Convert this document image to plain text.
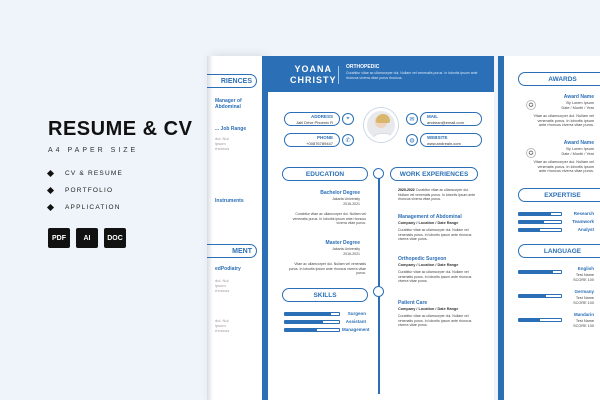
RESUME & CV
A4 PAPER SIZE
CV & RESUME
PORTFOLIO
APPLICATION
PDF	AI	DOC
RIENCES
Manager of Abdominal
... Job Range
dui. Nul
ipsum
rhoncus
Instruments
MENT
edPodiatry
dui. Nul
ipsum
rhoncus
dui. Nul
ipsum
rhoncus
YOANA
CHRISTY
ORTHOPEDIC
Curabitur vitae ac ullamcorper dui. Nullam vel venenatis purus. In lobortis ipsum ante rhoncus viverra vitae purus rhoncus.
ADDRESS
Jalil Drive Phoenix R
⌖
PHONE
+00876789447	✆
✉	MAIL
andrean@email.com
◍	WEBSITE
www.andreain.com
EDUCATION	WORK EXPERIENCES
Bachelor Degree
Jakarta University
2016-2021
Curabitur vitae ac ullamcorper dui. Nullam vel venenatis purus. In lobortis ipsum ante rhoncus viverra vitae purus.
Master Degree
Jakarta University
2016-2021
Vitae ac ullamcorper dui. Nullam vel venenatis purus. In lobortis ipsum ante rhoncus viverra vitae purus.
2020-2022 Curabitur vitae ac ullamcorper dui. Nullam vel venenatis purus. In lobortis ipsum ante rhoncus viverra vitae purus.
Management of Abdominal
Company / Location / Date Range
Curabitur vitae ac ullamcorper dui. Nullam vel venenatis purus. In lobortis ipsum ante rhoncus viverra vitae purus.
Orthopedic Surgeon
Company / Location / Date Range
Curabitur vitae ac ullamcorper dui. Nullam vel venenatis purus. In lobortis ipsum ante rhoncus viverra vitae purus.
Patient Care
Company / Location / Date Range
Curabitur vitae ac ullamcorper dui. Nullam vel venenatis purus. In lobortis ipsum ante rhoncus viverra vitae purus.
SKILLS
Surgeon
Assistant
Management
AWARDS
✪
Award Name
By Lorem Ipsum
Date / Month / Year
Vitae ac ullamcorper dui. Nullam vel venenatis purus. In lobortis ipsum ante rhoncus viverra vitae purus.
✪
Award Name
By Lorem Ipsum
Date / Month / Year
Vitae ac ullamcorper dui. Nullam vel venenatis purus. In lobortis ipsum ante rhoncus viverra vitae purus.
EXPERTISE
Research
Teamwork
Analyst
LANGUAGE
English
Test Name
SCORE 100
Germany
Test Name
SCORE 100
Mandarin
Test Name
SCORE 100
